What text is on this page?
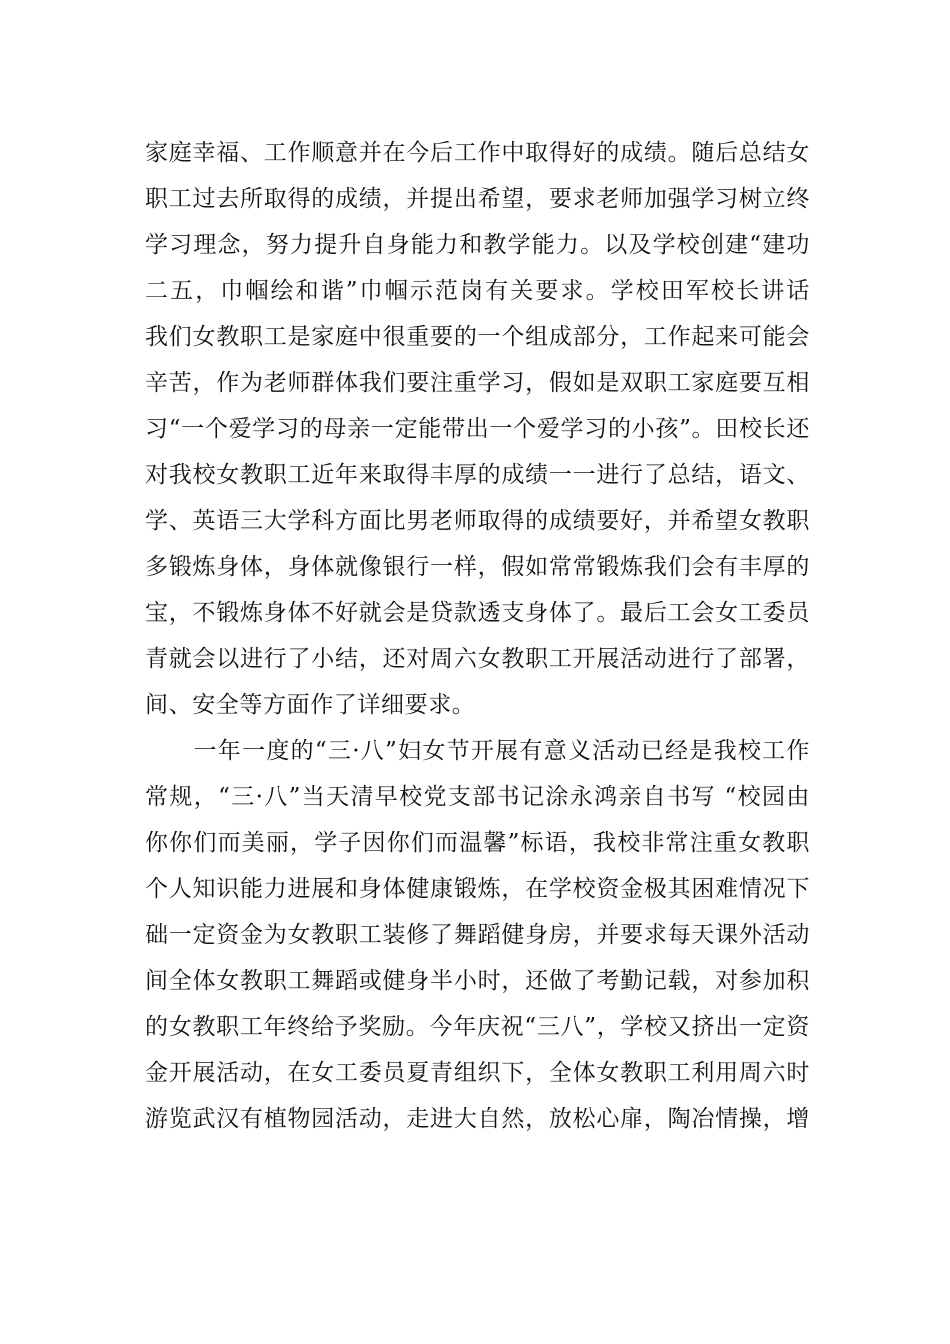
家庭幸福、工作顺意并在今后工作中取得好的成绩。随后总结女
职工过去所取得的成绩，并提出希望，要求老师加强学习树立终
学习理念，努力提升自身能力和教学能力。以及学校创建“建功
二五，巾帼绘和谐”巾帼示范岗有关要求。学校田军校长讲话
我们女教职工是家庭中很重要的一个组成部分，工作起来可能会
辛苦，作为老师群体我们要注重学习，假如是双职工家庭要互相
习“一个爱学习的母亲一定能带出一个爱学习的小孩”。田校长还
对我校女教职工近年来取得丰厚的成绩一一进行了总结，语文、
学、英语三大学科方面比男老师取得的成绩要好，并希望女教职
多锻炼身体，身体就像银行一样，假如常常锻炼我们会有丰厚的
宝，不锻炼身体不好就会是贷款透支身体了。最后工会女工委员
青就会以进行了小结，还对周六女教职工开展活动进行了部署，
间、安全等方面作了详细要求。
　　一年一度的“三·八”妇女节开展有意义活动已经是我校工作
常规，“三·八”当天清早校党支部书记涂永鸿亲自书写 “校园由
你你们而美丽，学子因你们而温馨”标语，我校非常注重女教职
个人知识能力进展和身体健康锻炼，在学校资金极其困难情况下
础一定资金为女教职工装修了舞蹈健身房，并要求每天课外活动
间全体女教职工舞蹈或健身半小时，还做了考勤记载，对参加积
的女教职工年终给予奖励。今年庆祝“三八”，学校又挤出一定资
金开展活动，在女工委员夏青组织下，全体女教职工利用周六时
游览武汉有植物园活动，走进大自然，放松心扉，陶冶情操，增
